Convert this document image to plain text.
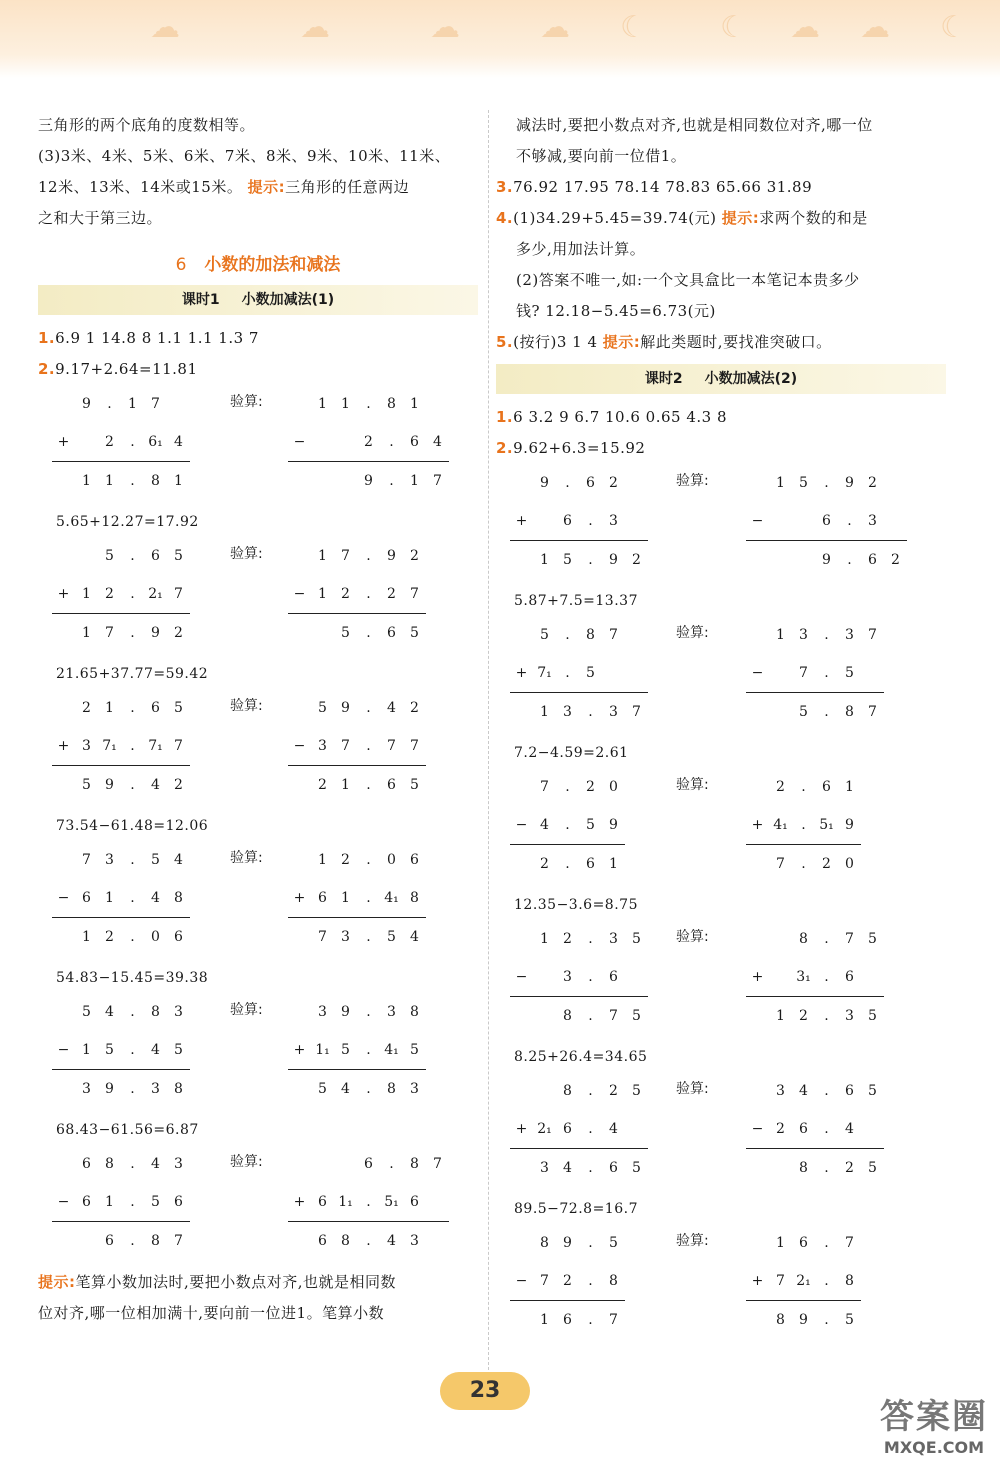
☁	☁	☁	☁ ☾ ☾ ☁ ☁ ☾
三角形的两个底角的度数相等。
(3)3米、4米、5米、6米、7米、8米、9米、10米、11米、
12米、13米、14米或15米。 提示:三角形的任意两边
之和大于第三边。
6 小数的加法和减法
课时1 小数加减法(1)
1.6.9 1 14.8 8 1.1 1.1 1.3 7
2.9.17+2.64=11.81
9 . 1 7
+	2 . 6₁ 4
1 1 . 8 1
验算:	1 1 . 8 1
−	2 . 6 4
9 . 1 7
5.65+12.27=17.92
5 . 6 5
+ 1 2 . 2₁ 7
1 7 . 9 2
验算:	1 7 . 9 2
− 1 2 . 2 7
5 . 6 5
21.65+37.77=59.42
2 1 . 6 5
+ 3 7₁ . 7₁ 7
5 9 . 4 2
验算:	5 9 . 4 2
− 3 7 . 7 7
2 1 . 6 5
73.54−61.48=12.06
7 3 . 5 4
− 6 1 . 4 8
1 2 . 0 6
验算:	1 2 . 0 6
+ 6 1 . 4₁ 8
7 3 . 5 4
54.83−15.45=39.38
5 4 . 8 3
− 1 5 . 4 5
3 9 . 3 8
验算:	3 9 . 3 8
+ 1₁ 5 . 4₁ 5
5 4 . 8 3
68.43−61.56=6.87
6 8 . 4 3
− 6 1 . 5 6
6 . 8 7
验算:	6 . 8 7
+ 6 1₁ . 5₁ 6
6 8 . 4 3
提示:笔算小数加法时,要把小数点对齐,也就是相同数
位对齐,哪一位相加满十,要向前一位进1。笔算小数
减法时,要把小数点对齐,也就是相同数位对齐,哪一位
不够减,要向前一位借1。
3.76.92 17.95 78.14 78.83 65.66 31.89
4.(1)34.29+5.45=39.74(元) 提示:求两个数的和是
多少,用加法计算。
(2)答案不唯一,如:一个文具盒比一本笔记本贵多少
钱? 12.18−5.45=6.73(元)
5.(按行)3 1 4 提示:解此类题时,要找准突破口。
课时2 小数加减法(2)
1.6 3.2 9 6.7 10.6 0.65 4.3 8
2.9.62+6.3=15.92
9 . 6 2
+	6 . 3
1 5 . 9 2
验算:	1 5 . 9 2
−	6 . 3
9 . 6 2
5.87+7.5=13.37
5 . 8 7
+ 7₁ . 5
1 3 . 3 7
验算:	1 3 . 3 7
−	7 . 5
5 . 8 7
7.2−4.59=2.61
7 . 2 0
− 4 . 5 9
2 . 6 1
验算:	2 . 6 1
+ 4₁ . 5₁ 9
7 . 2 0
12.35−3.6=8.75
1 2 . 3 5
−	3 . 6
8 . 7 5
验算:	8 . 7 5
+ 3₁ . 6
1 2 . 3 5
8.25+26.4=34.65
8 . 2 5
+ 2₁ 6 . 4
3 4 . 6 5
验算:	3 4 . 6 5
− 2 6 . 4
8 . 2 5
89.5−72.8=16.7
8 9 . 5
− 7 2 . 8
1 6 . 7
验算:	1 6 . 7
+ 7 2₁ . 8
8 9 . 5
23
答案圈
MXQE.COM
